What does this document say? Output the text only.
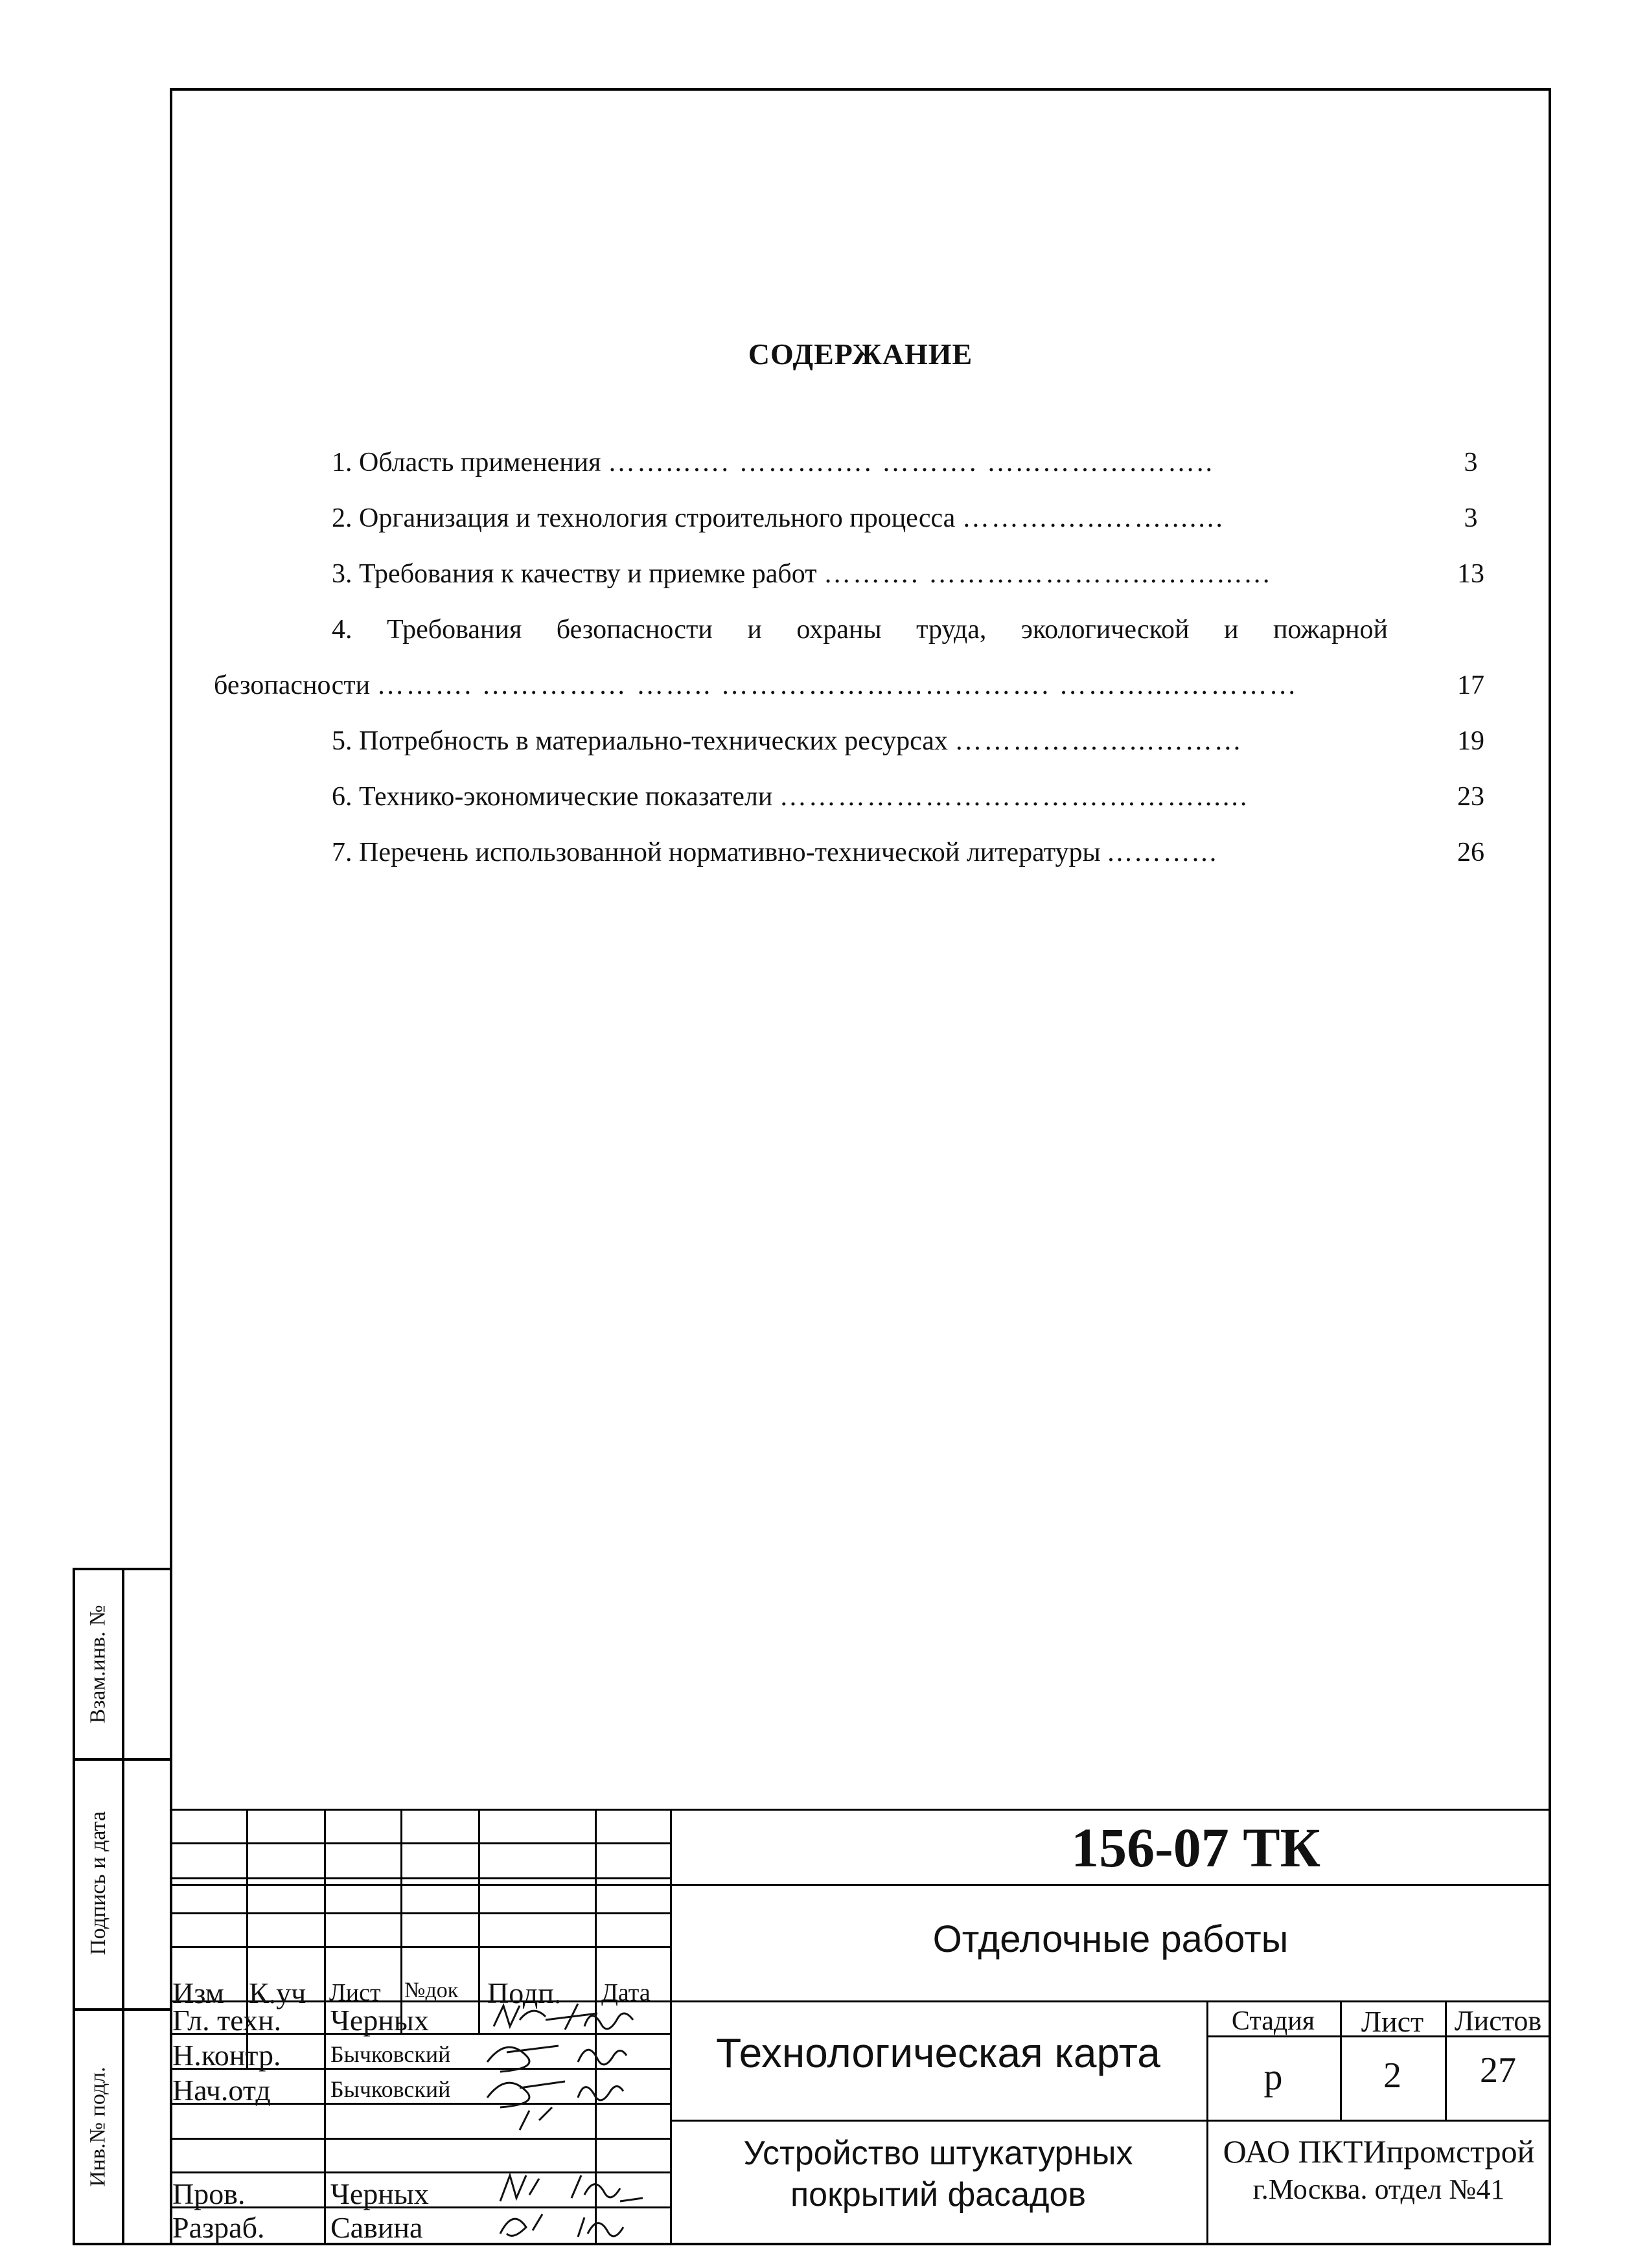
СОДЕРЖАНИЕ
1. Область применения ……...…. ……….…. ………. …...……….……..	3
2. Организация и технология строительного процесса ……….…..…….......	3
3. Требования к качеству и приемке работ ………. …………………...……...…	13
4. Требования безопасности и охраны труда, экологической и пожарной
безопасности ………. …………… …….. ……………………………. ………....…………	17
5. Потребность в материально-технических ресурсах ………………...………	19
6. Технико-экономические показатели …………………………….………......	23
7. Перечень использованной нормативно-технической литературы ...……...	26
Взам.инв. №
Подпись и дата
Инв.№ подл.
Изм К.уч Лист №док Подп. Дата
Гл. техн. Черных
Н.контр. Бычковский
Нач.отд	Бычковский
Пров.	Черных
Разраб. Савина
156-07 ТК
Отделочные работы
Технологическая карта
Устройство штукатурных
покрытий фасадов
Стадия	Лист	Листов
р	2	27
ОАО ПКТИпромстрой
г.Москва. отдел №41
